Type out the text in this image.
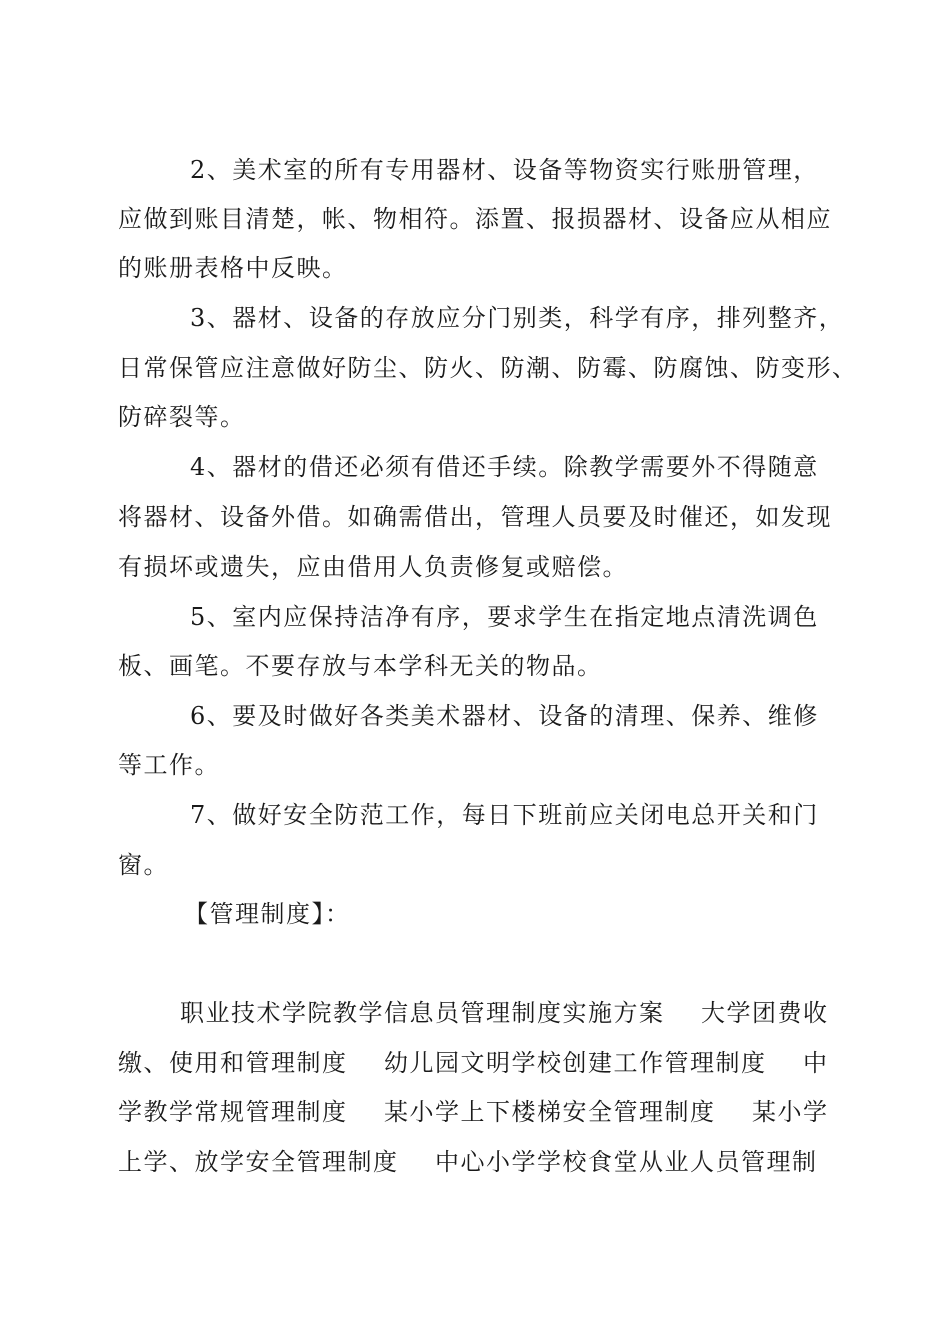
2、美术室的所有专用器材、设备等物资实行账册管理，
应做到账目清楚，帐、物相符。添置、报损器材、设备应从相应
的账册表格中反映。
3、器材、设备的存放应分门别类，科学有序，排列整齐，
日常保管应注意做好防尘、防火、防潮、防霉、防腐蚀、防变形、
防碎裂等。
4、器材的借还必须有借还手续。除教学需要外不得随意
将器材、设备外借。如确需借出，管理人员要及时催还，如发现
有损坏或遗失，应由借用人负责修复或赔偿。
5、室内应保持洁净有序，要求学生在指定地点清洗调色
板、画笔。不要存放与本学科无关的物品。
6、要及时做好各类美术器材、设备的清理、保养、维修
等工作。
7、做好安全防范工作，每日下班前应关闭电总开关和门
窗。
【管理制度】：
职业技术学院教学信息员管理制度实施方案    大学团费收
缴、使用和管理制度    幼儿园文明学校创建工作管理制度    中
学教学常规管理制度    某小学上下楼梯安全管理制度    某小学
上学、放学安全管理制度    中心小学学校食堂从业人员管理制
